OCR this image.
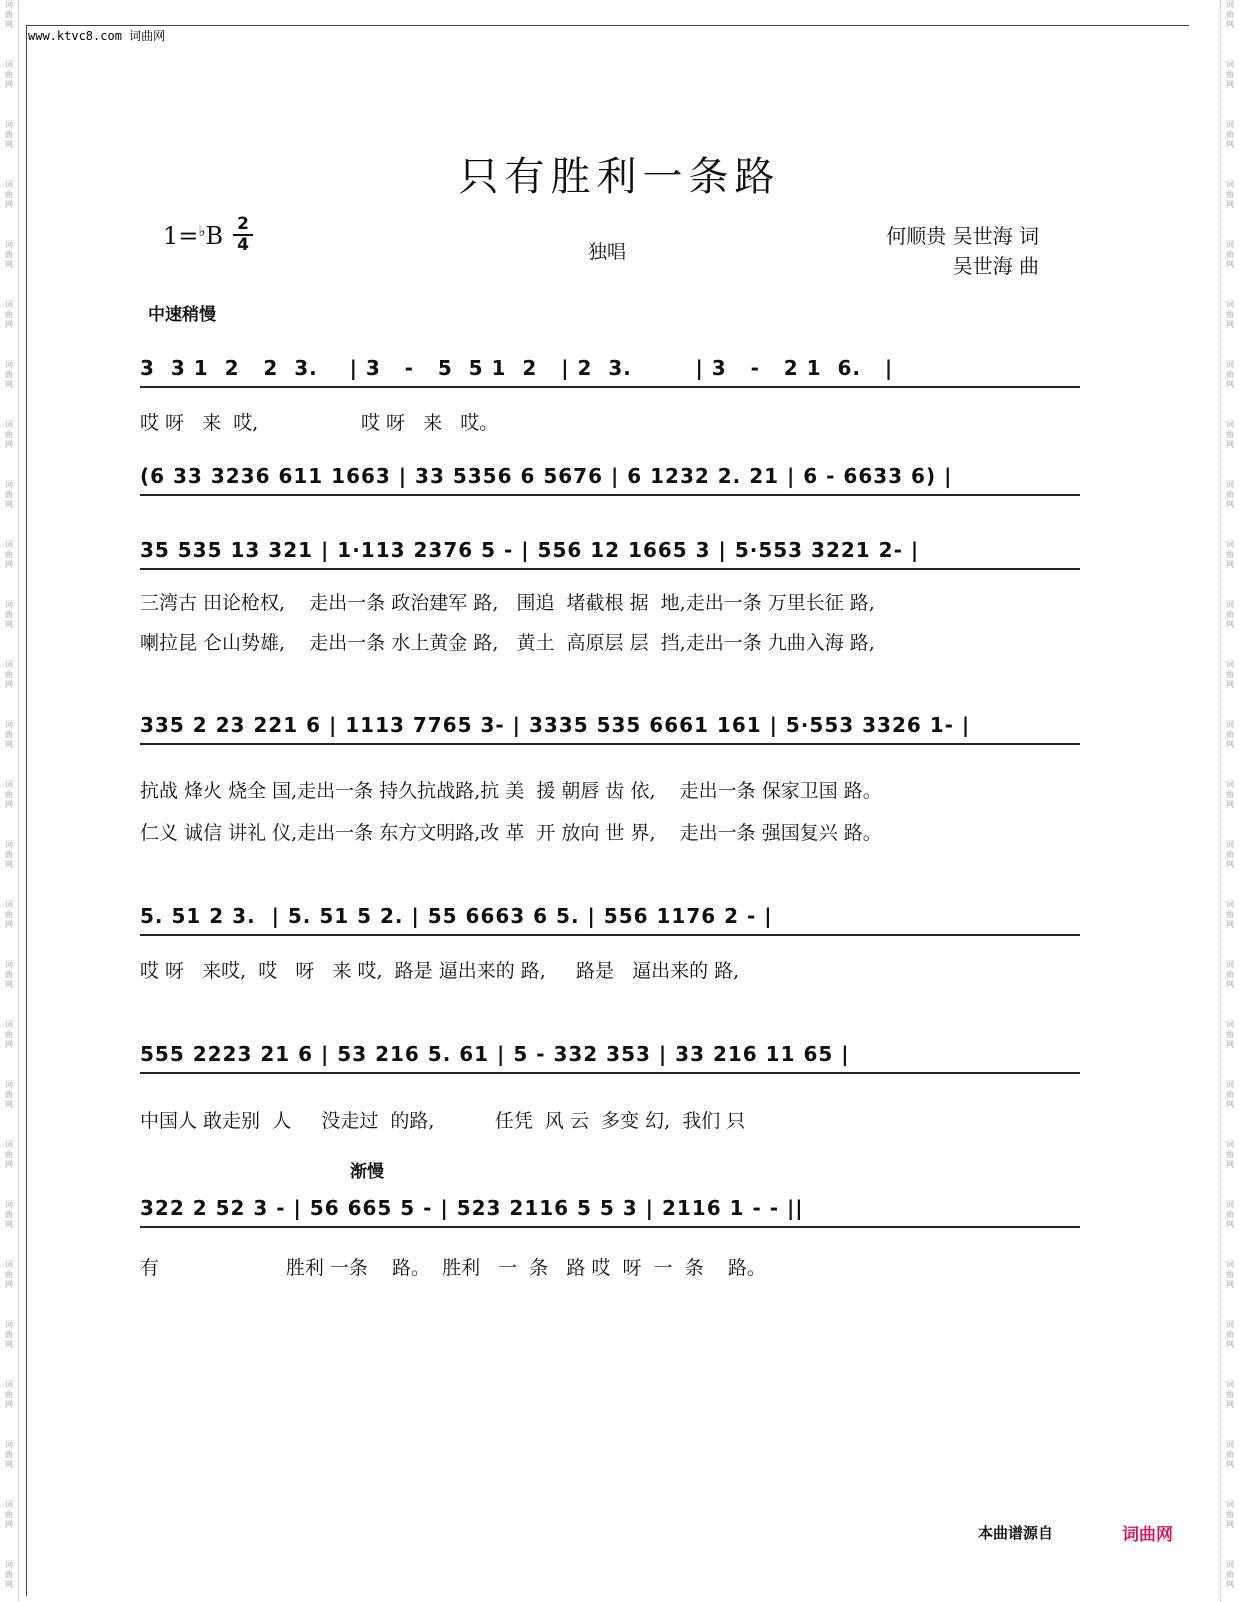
词
曲
网
词
曲
网
词
曲
网
词
曲
网
词
曲
网
词
曲
网
词
曲
网
词
曲
网
词
曲
网
词
曲
网
词
曲
网
词
曲
网
词
曲
网
词
曲
网
词
曲
网
词
曲
网
词
曲
网
词
曲
网
词
曲
网
词
曲
网
词
曲
网
词
曲
网
词
曲
网
词
曲
网
词
曲
网
词
曲
网
词
曲
网
词
曲
网
词
曲
网
词
曲
网
词
曲
网
词
曲
网
词
曲
网
词
曲
网
词
曲
网
词
曲
网
词
曲
网
词
曲
网
词
曲
网
词
曲
网
词
曲
网
词
曲
网
词
曲
网
词
曲
网
词
曲
网
词
曲
网
词
曲
网
词
曲
网
词
曲
网
词
曲
网
词
曲
网
词
曲
网
词
曲
网
词
曲
网
www.ktvc8.com 词曲网
只有胜利一条路
1=♭B 2
4	独唱
何顺贵 吴世海 词
吴世海 曲
中速稍慢
渐慢
3  3 1  2   2  3.    | 3   -   5  5 1  2   | 2  3.        | 3   -   2 1  6.   |
哎 呀   来  哎,                 哎 呀   来   哎。
(6 33 3236 611 1663 | 33 5356 6 5676 | 6 1232 2. 21 | 6 - 6633 6) |
35 535 13 321 | 1·113 2376 5 - | 556 12 1665 3 | 5·553 3221 2- |
三湾古 田论枪权,    走出一条 政治建军 路,   围追  堵截根 据  地,走出一条 万里长征 路,
喇拉昆 仑山势雄,    走出一条 水上黄金 路,   黄土  高原层 层  挡,走出一条 九曲入海 路,
335 2 23 221 6 | 1113 7765 3- | 3335 535 6661 161 | 5·553 3326 1- |
抗战 烽火 烧全 国,走出一条 持久抗战路,抗 美  援 朝唇 齿 依,    走出一条 保家卫国 路。
仁义 诚信 讲礼 仪,走出一条 东方文明路,改 革  开 放向 世 界,    走出一条 强国复兴 路。
5. 51 2 3.  | 5. 51 5 2. | 55 6663 6 5. | 556 1176 2 - |
哎 呀   来哎,  哎   呀   来 哎,  路是 逼出来的 路,     路是   逼出来的 路,
555 2223 21 6 | 53 216 5. 61 | 5 - 332 353 | 33 216 11 65 |
中国人 敢走别  人     没走过  的路,          任凭  风 云  多变 幻,  我们 只
322 2 52 3 - | 56 665 5 - | 523 2116 5 5 3 | 2116 1 - - ||
有                     胜利 一条    路。  胜利   一  条   路 哎  呀  一  条    路。
本曲谱源自	词曲网
